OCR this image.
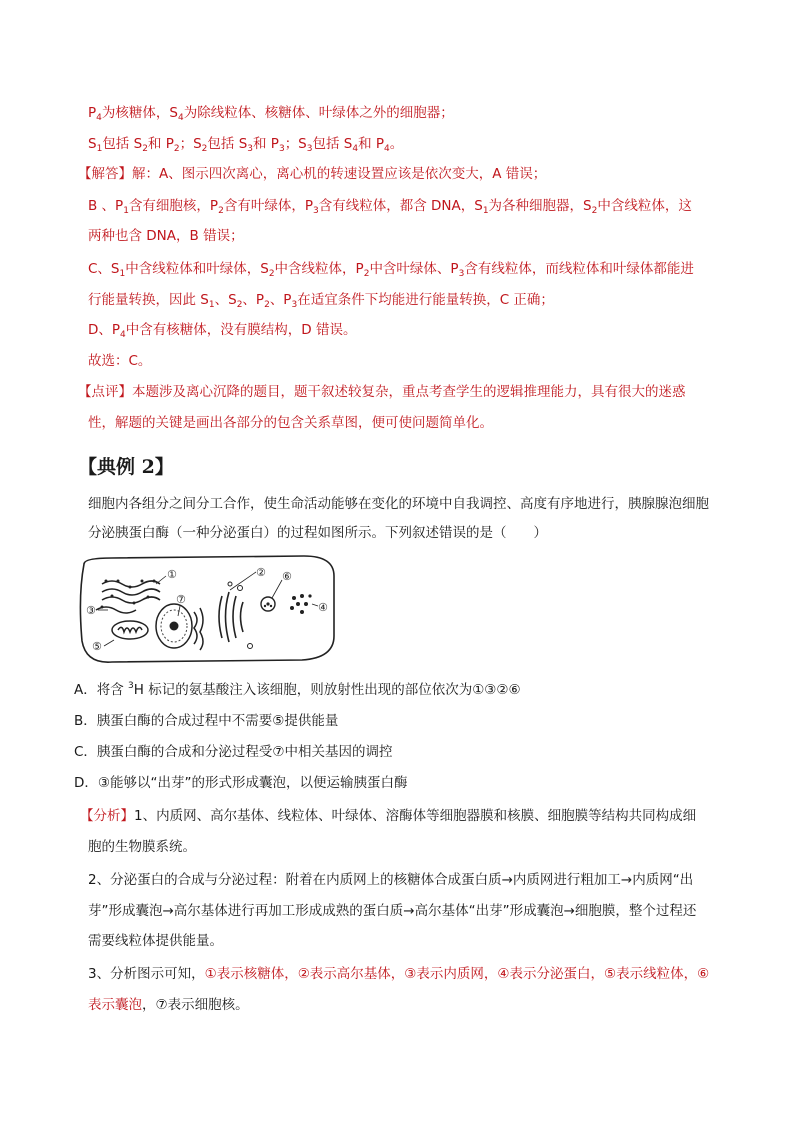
$P_4$为核糖体，$S_4$为除线粒体、核糖体、叶绿体之外的细胞器；
$S_1$包括 $S_2$和 $P_2$；$S_2$包括 $S_3$和 $P_3$；$S_3$包括 $S_4$和 $P_4$。
【解答】解：A、图示四次离心，离心机的转速设置应该是依次变大，A 错误；
B 、$P_1$含有细胞核，$P_2$含有叶绿体，$P_3$含有线粒体，都含 DNA，$S_1$为各种细胞器，$S_2$中含线粒体，这
两种也含 DNA，B 错误；
C、$S_1$中含线粒体和叶绿体，$S_2$中含线粒体，$P_2$中含叶绿体、$P_3$含有线粒体，而线粒体和叶绿体都能进
行能量转换，因此 $S_1$、$S_2$、$P_2$、$P_3$在适宜条件下均能进行能量转换，C 正确；
D、$P_4$中含有核糖体，没有膜结构，D 错误。
故选：C。
【点评】本题涉及离心沉降的题目，题干叙述较复杂，重点考查学生的逻辑推理能力，具有很大的迷惑
性，解题的关键是画出各部分的包含关系草图，便可使问题简单化。
【典例 2】
细胞内各组分之间分工合作，使生命活动能够在变化的环境中自我调控、高度有序地进行，胰腺腺泡细胞
分泌胰蛋白酶（一种分泌蛋白）的过程如图所示。下列叙述错误的是（　　）
①	②
③	④
⑤
⑥
⑦
A．将含 $^3$H 标记的氨基酸注入该细胞，则放射性出现的部位依次为①③②⑥
B．胰蛋白酶的合成过程中不需要⑤提供能量
C．胰蛋白酶的合成和分泌过程受⑦中相关基因的调控
D．③能够以“出芽”的形式形成囊泡，以便运输胰蛋白酶
【分析】1、内质网、高尔基体、线粒体、叶绿体、溶酶体等细胞器膜和核膜、细胞膜等结构共同构成细
胞的生物膜系统。
2、分泌蛋白的合成与分泌过程：附着在内质网上的核糖体合成蛋白质→内质网进行粗加工→内质网“出
芽”形成囊泡→高尔基体进行再加工形成成熟的蛋白质→高尔基体“出芽”形成囊泡→细胞膜，整个过程还
需要线粒体提供能量。
3、分析图示可知，①表示核糖体，②表示高尔基体，③表示内质网，④表示分泌蛋白，⑤表示线粒体，⑥
表示囊泡，⑦表示细胞核。
